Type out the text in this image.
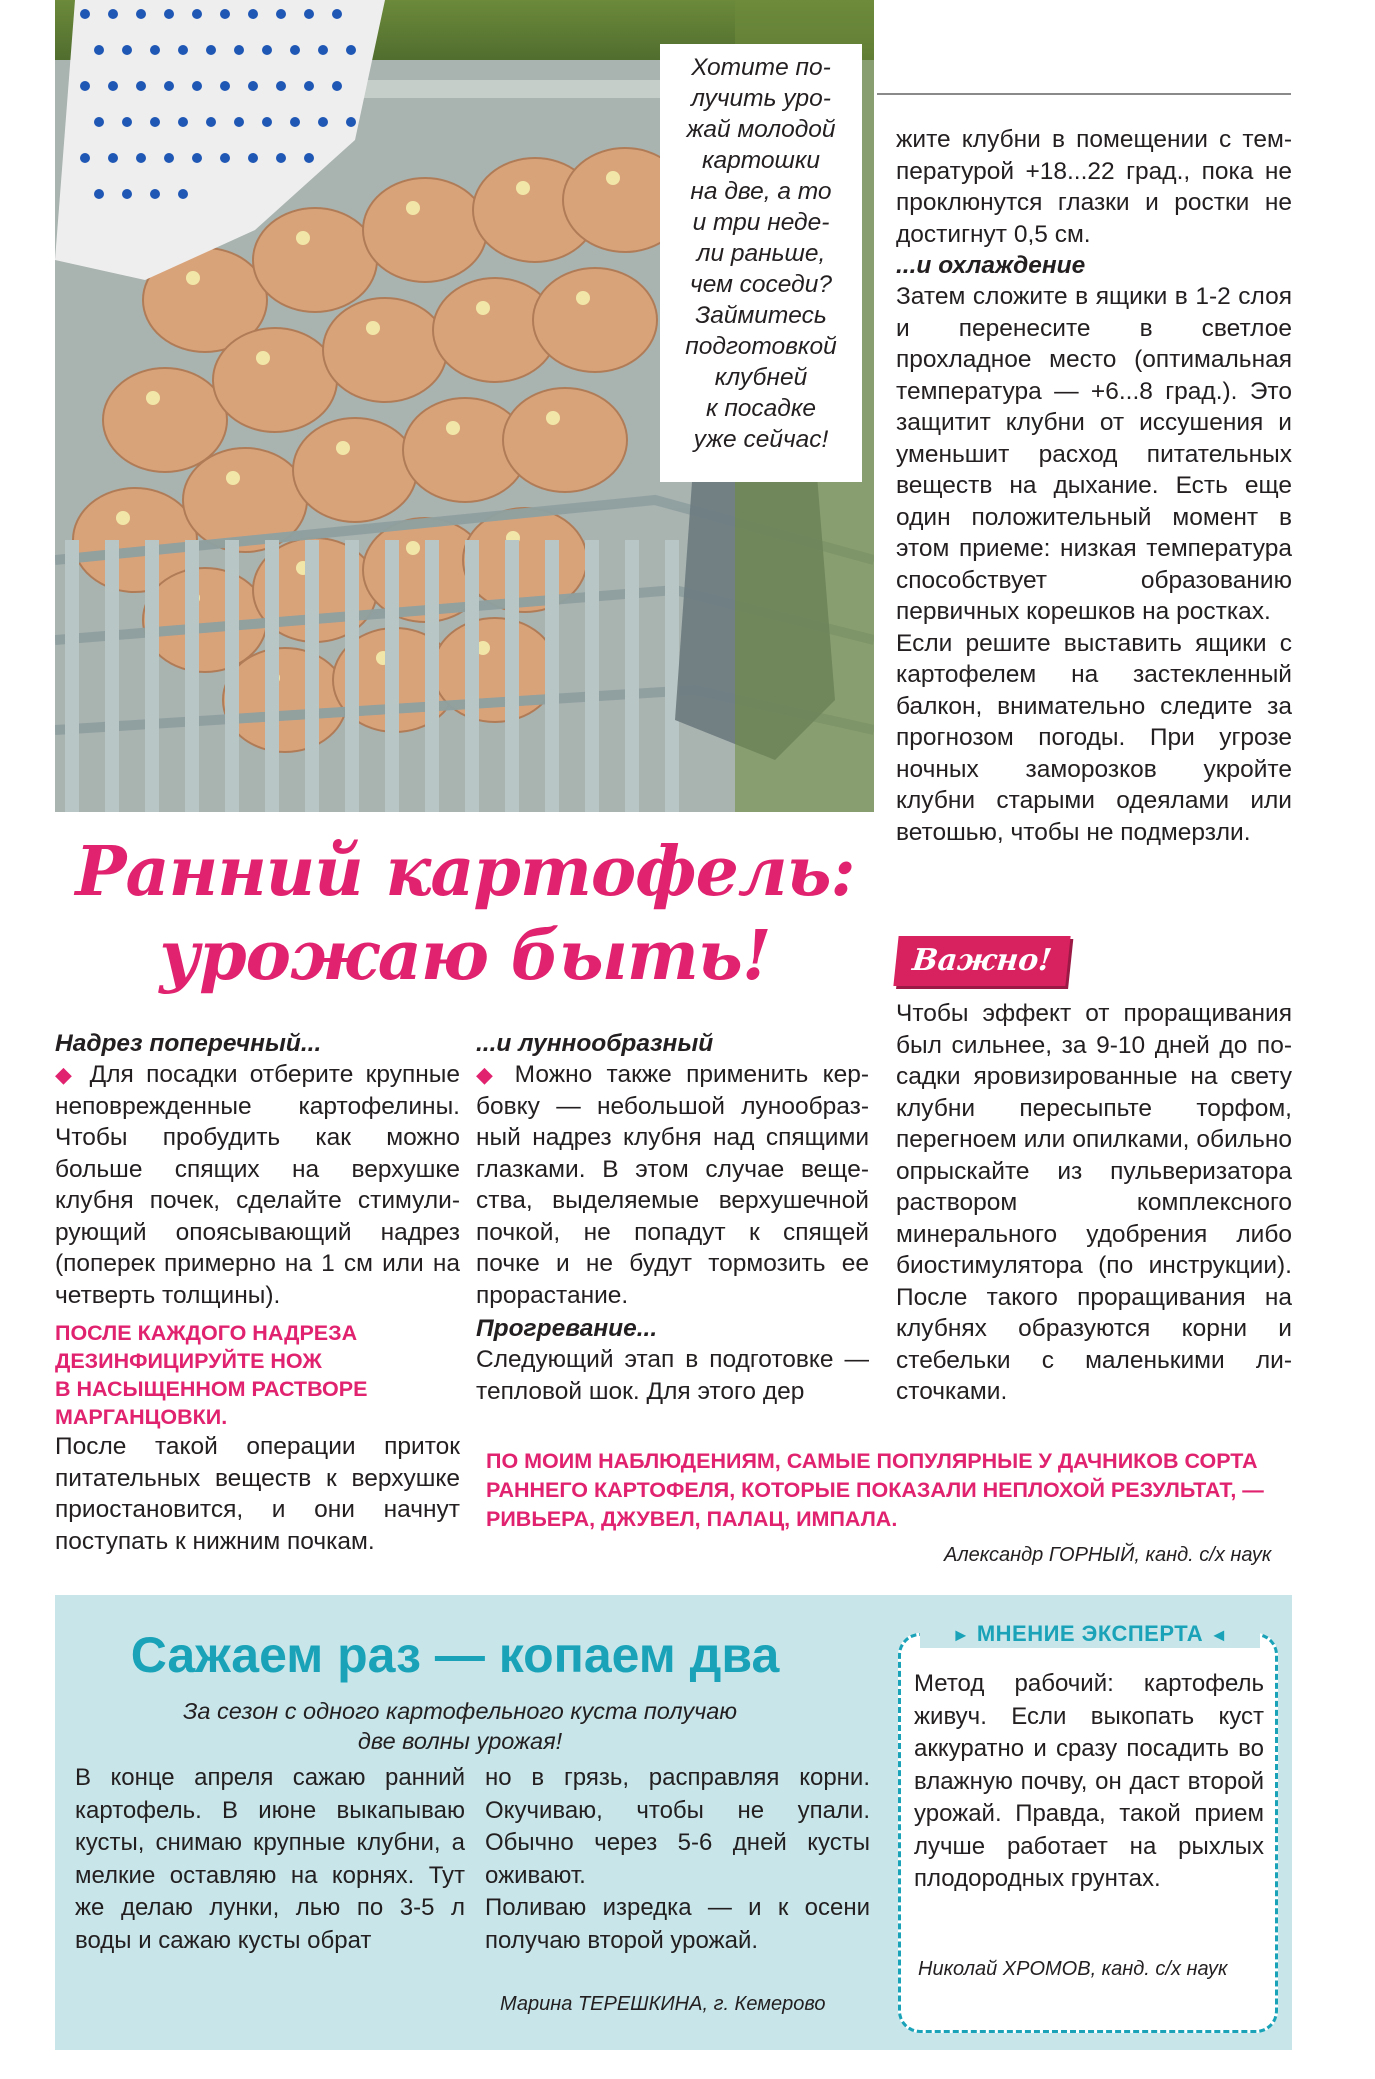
Хотите по-

лучить уро-

жай молодой

картошки

на две, а то

и три неде-

ли раньше,

чем соседи?

Займитесь

подготовкой

клубней

к посадке

уже сейчас!

Ранний картофель:
урожаю быть!
Надрез поперечный...

◆ Для посадки отберите крупные неповрежденные картофелины. Чтобы пробудить как можно больше спящих на верхушке клубня почек, сделайте стимулирующий опоясывающий надрез (поперек примерно на 1 см или на четверть толщины).

ПОСЛЕ КАЖДОГО НАДРЕЗА
ДЕЗИНФИЦИРУЙТЕ НОЖ
В НАСЫЩЕННОМ РАСТВОРЕ
МАРГАНЦОВКИ.

После такой операции приток питательных веществ к верхушке приостановится, и они начнут поступать к нижним почкам.

...и луннообразный

◆ Можно также применить кербовку — небольшой лунообразный надрез клубня над спящими глазками. В этом случае вещества, выделяемые верхушечной почкой, не попадут к спящей почке и не будут тормозить ее прорастание.

Прогревание...

Следующий этап в подготовке — тепловой шок. Для этого дер

жите клубни в помещении с температурой +18...22 град., пока не проклюнутся глазки и ростки не достигнут 0,5 см.

...и охлаждение

Затем сложите в ящики в 1-2 слоя и перенесите в светлое прохладное место (оптимальная температура — +6...8 град.). Это защитит клубни от иссушения и уменьшит расход питательных веществ на дыхание. Есть еще один положительный момент в этом приеме: низкая температура способствует образованию первичных корешков на ростках.

Если решите выставить ящики с картофелем на застекленный балкон, внимательно следите за прогнозом погоды. При угрозе ночных заморозков укройте клубни старыми одеялами или ветошью, чтобы не подмерзли.

Важно!

Чтобы эффект от проращивания был сильнее, за 9-10 дней до посадки яровизированные на свету клубни пересыпьте торфом, перегноем или опилками, обильно опрыскайте из пульверизатора раствором комплексного минерального удобрения либо биостимулятора (по инструкции). После такого проращивания на клубнях образуются корни и стебельки с маленькими листочками.

ПО МОИМ НАБЛЮДЕНИЯМ, САМЫЕ ПОПУЛЯРНЫЕ У ДАЧНИКОВ СОРТА

РАННЕГО КАРТОФЕЛЯ, КОТОРЫЕ ПОКАЗАЛИ НЕПЛОХОЙ РЕЗУЛЬТАТ, —

РИВЬЕРА, ДЖУВЕЛ, ПАЛАЦ, ИМПАЛА.

Александр ГОРНЫЙ, канд. с/х наук
Сажаем раз — копаем два
За сезон с одного картофельного куста получаю
две волны урожая!

В конце апреля сажаю ранний картофель. В июне выкапываю кусты, снимаю крупные клубни, а мелкие оставляю на корнях. Тут же делаю лунки, лью по 3-5 л воды и сажаю кусты обрат

но в грязь, расправляя корни. Окучиваю, чтобы не упали. Обычно через 5-6 дней кусты оживают.

Поливаю изредка — и к осени получаю второй урожай.

Марина ТЕРЕШКИНА, г. Кемерово
► МНЕНИЕ ЭКСПЕРТА ◄

Метод рабочий: картофель живуч. Если выкопать куст аккуратно и сразу посадить во влажную почву, он даст второй урожай. Правда, такой прием лучше работает на рыхлых плодородных грунтах.

Николай ХРОМОВ, канд. с/х наук
